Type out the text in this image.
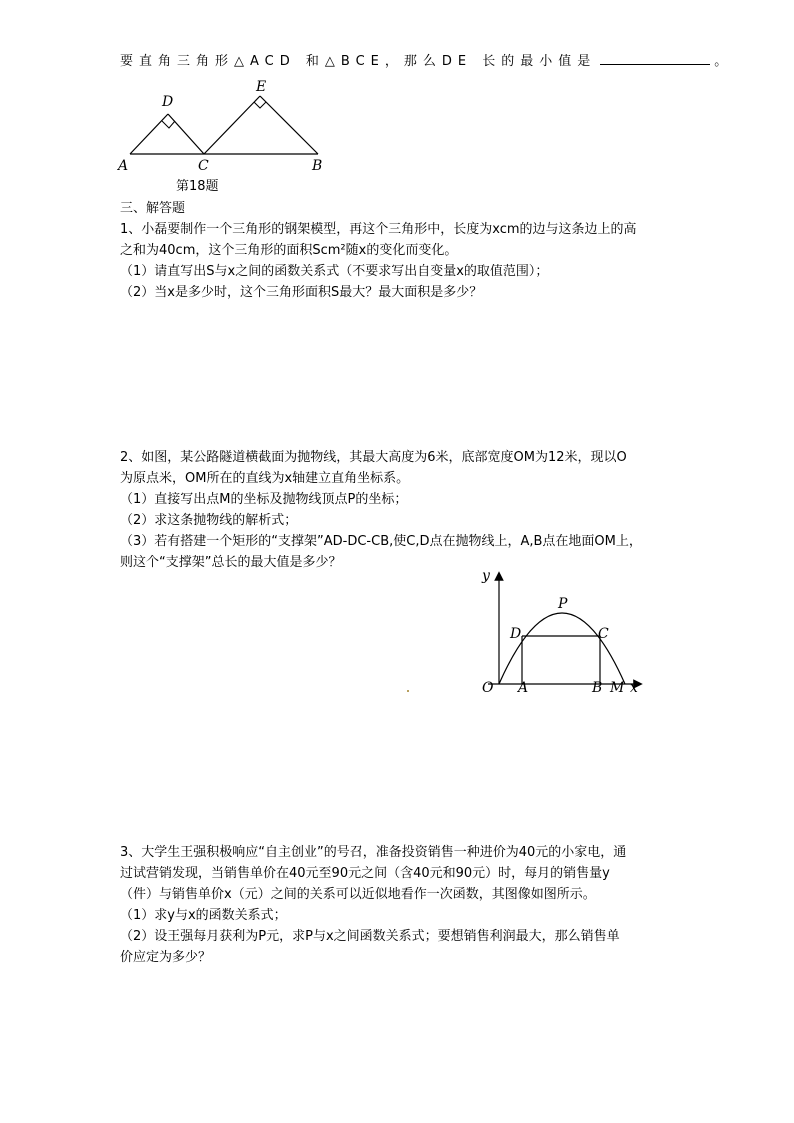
要直角三角形△ACD 和△BCE，那么DE 长的最小值是	。
A	C	B
D
E
第18题
三、解答题
1、小磊要制作一个三角形的钢架模型，再这个三角形中，长度为xcm的边与这条边上的高
之和为40cm，这个三角形的面积Scm²随x的变化而变化。
（1）请直写出S与x之间的函数关系式（不要求写出自变量x的取值范围）；
（2）当x是多少时，这个三角形面积S最大？最大面积是多少？
2、如图，某公路隧道横截面为抛物线，其最大高度为6米，底部宽度OM为12米，现以O
为原点米，OM所在的直线为x轴建立直角坐标系。
（1）直接写出点M的坐标及抛物线顶点P的坐标；
（2）求这条抛物线的解析式；
（3）若有搭建一个矩形的“支撑架”AD-DC-CB,使C,D点在抛物线上，A,B点在地面OM上，
则这个“支撑架”总长的最大值是多少？
y
x
O A	B M
P
D	C
3、大学生王强积极响应“自主创业”的号召，准备投资销售一种进价为40元的小家电，通
过试营销发现，当销售单价在40元至90元之间（含40元和90元）时，每月的销售量y
（件）与销售单价x（元）之间的关系可以近似地看作一次函数，其图像如图所示。
（1）求y与x的函数关系式；
（2）设王强每月获利为P元，求P与x之间函数关系式；要想销售利润最大，那么销售单
价应定为多少？
